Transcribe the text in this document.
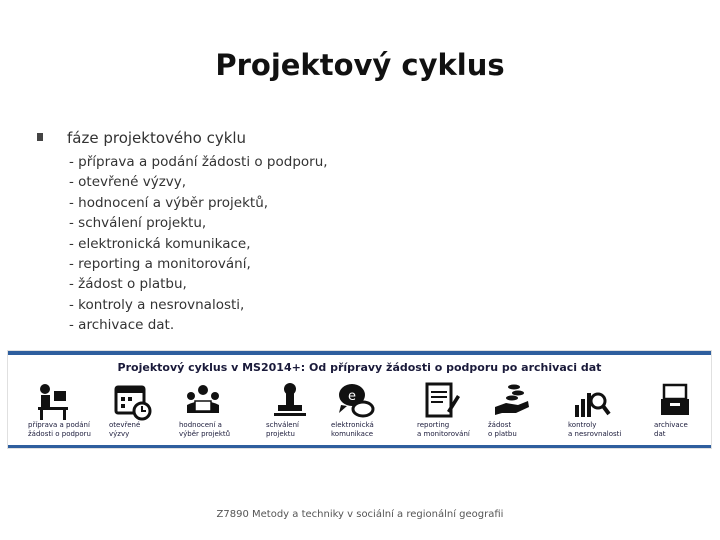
Projektový cyklus
fáze projektového cyklu
- příprava a podání žádosti o podporu,
- otevřené výzvy,
- hodnocení a výběr projektů,
- schválení projektu,
- elektronická komunikace,
- reporting a monitorování,
- žádost o platbu,
- kontroly a nesrovnalosti,
- archivace dat.
Projektový cyklus v MS2014+: Od přípravy žádosti o podporu po archivaci dat
příprava a podání
žádosti o podporu
otevřené
výzvy
hodnocení a
výběr projektů
schválení
projektu
e
elektronická
komunikace
reporting
a monitorování
žádost
o platbu
kontroly
a nesrovnalosti
archivace
dat
Z7890 Metody a techniky v sociální a regionální geografii
